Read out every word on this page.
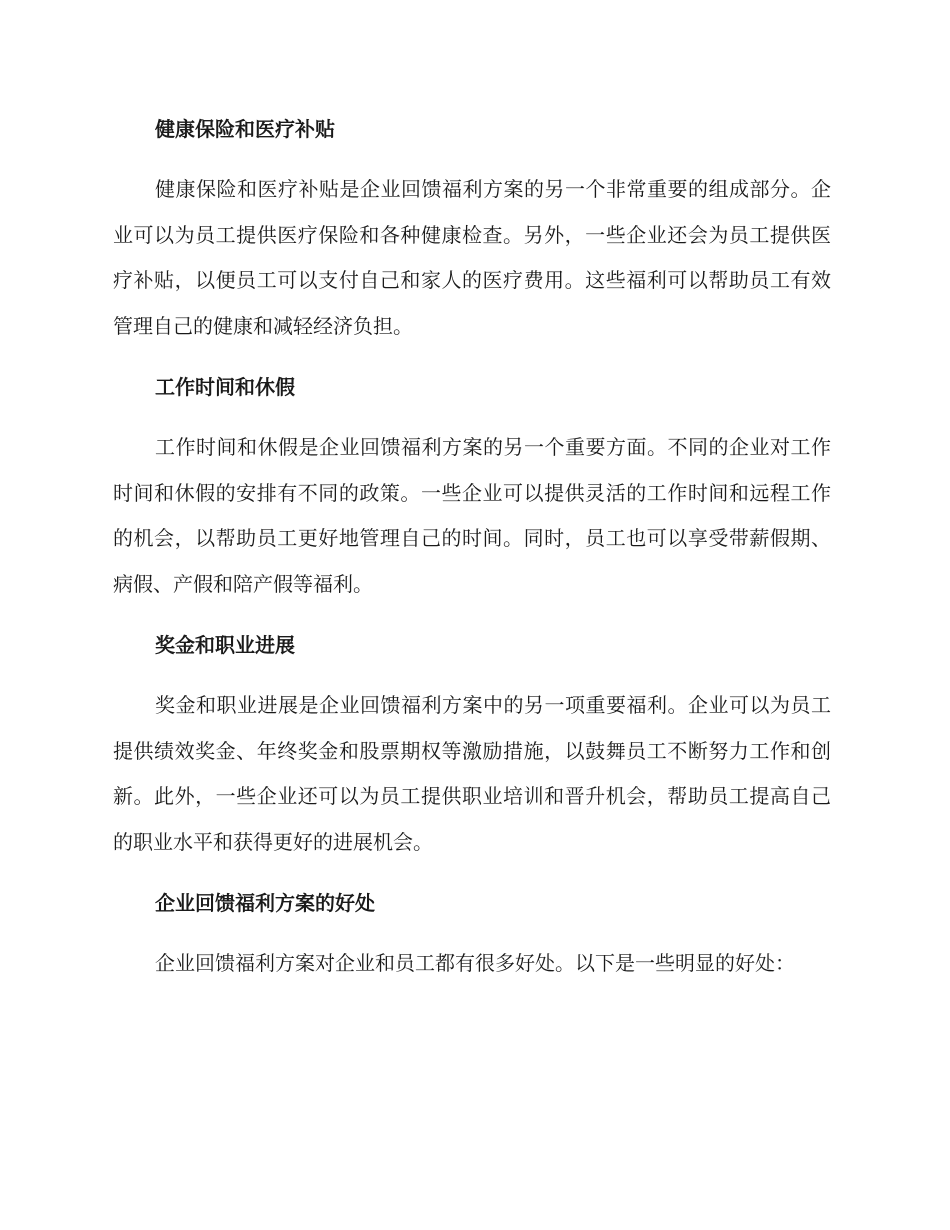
健康保险和医疗补贴

健康保险和医疗补贴是企业回馈福利方案的另一个非常重要的组成部分。企业可以为员工提供医疗保险和各种健康检查。另外，一些企业还会为员工提供医疗补贴，以便员工可以支付自己和家人的医疗费用。这些福利可以帮助员工有效管理自己的健康和减轻经济负担。

工作时间和休假

工作时间和休假是企业回馈福利方案的另一个重要方面。不同的企业对工作时间和休假的安排有不同的政策。一些企业可以提供灵活的工作时间和远程工作的机会，以帮助员工更好地管理自己的时间。同时，员工也可以享受带薪假期、病假、产假和陪产假等福利。

奖金和职业进展

奖金和职业进展是企业回馈福利方案中的另一项重要福利。企业可以为员工提供绩效奖金、年终奖金和股票期权等激励措施，以鼓舞员工不断努力工作和创新。此外，一些企业还可以为员工提供职业培训和晋升机会，帮助员工提高自己的职业水平和获得更好的进展机会。

企业回馈福利方案的好处

企业回馈福利方案对企业和员工都有很多好处。以下是一些明显的好处：
